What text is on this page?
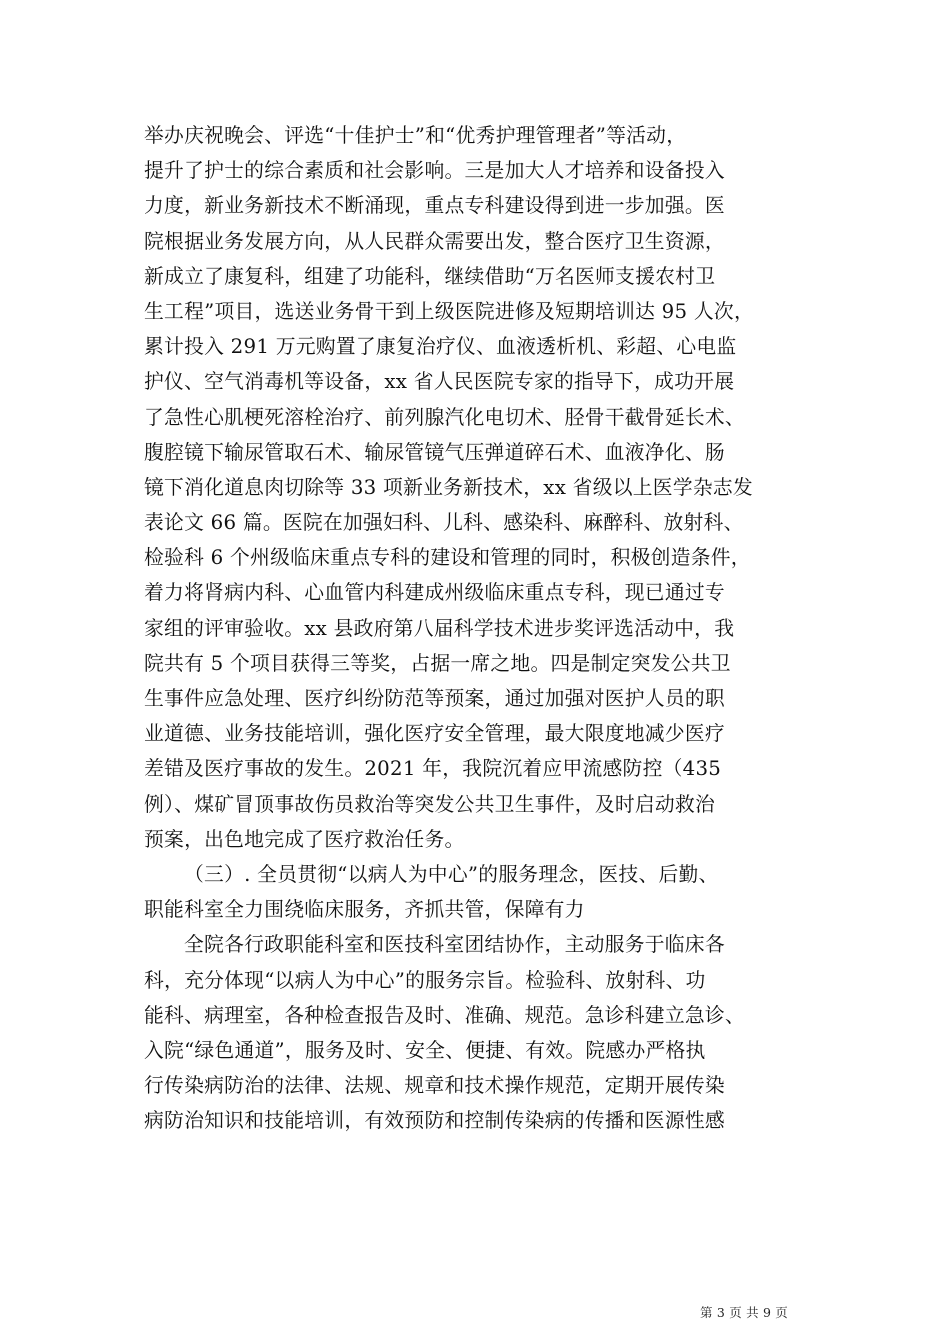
举办庆祝晚会、评选“十佳护士”和“优秀护理管理者”等活动，
提升了护士的综合素质和社会影响。三是加大人才培养和设备投入
力度，新业务新技术不断涌现，重点专科建设得到进一步加强。医
院根据业务发展方向，从人民群众需要出发，整合医疗卫生资源，
新成立了康复科，组建了功能科，继续借助“万名医师支援农村卫
生工程”项目，选送业务骨干到上级医院进修及短期培训达 95 人次，
累计投入 291 万元购置了康复治疗仪、血液透析机、彩超、心电监
护仪、空气消毒机等设备，xx 省人民医院专家的指导下，成功开展
了急性心肌梗死溶栓治疗、前列腺汽化电切术、胫骨干截骨延长术、
腹腔镜下输尿管取石术、输尿管镜气压弹道碎石术、血液净化、肠
镜下消化道息肉切除等 33 项新业务新技术，xx 省级以上医学杂志发
表论文 66 篇。医院在加强妇科、儿科、感染科、麻醉科、放射科、
检验科 6 个州级临床重点专科的建设和管理的同时，积极创造条件，
着力将肾病内科、心血管内科建成州级临床重点专科，现已通过专
家组的评审验收。xx 县政府第八届科学技术进步奖评选活动中，我
院共有 5 个项目获得三等奖，占据一席之地。四是制定突发公共卫
生事件应急处理、医疗纠纷防范等预案，通过加强对医护人员的职
业道德、业务技能培训，强化医疗安全管理，最大限度地减少医疗
差错及医疗事故的发生。2021 年，我院沉着应甲流感防控（435
例）、煤矿冒顶事故伤员救治等突发公共卫生事件，及时启动救治
预案，出色地完成了医疗救治任务。
（三）. 全员贯彻“以病人为中心”的服务理念，医技、后勤、
职能科室全力围绕临床服务，齐抓共管，保障有力
全院各行政职能科室和医技科室团结协作，主动服务于临床各
科，充分体现“以病人为中心”的服务宗旨。检验科、放射科、功
能科、病理室，各种检查报告及时、准确、规范。急诊科建立急诊、
入院“绿色通道”，服务及时、安全、便捷、有效。院感办严格执
行传染病防治的法律、法规、规章和技术操作规范，定期开展传染
病防治知识和技能培训，有效预防和控制传染病的传播和医源性感
第 3 页 共 9 页
